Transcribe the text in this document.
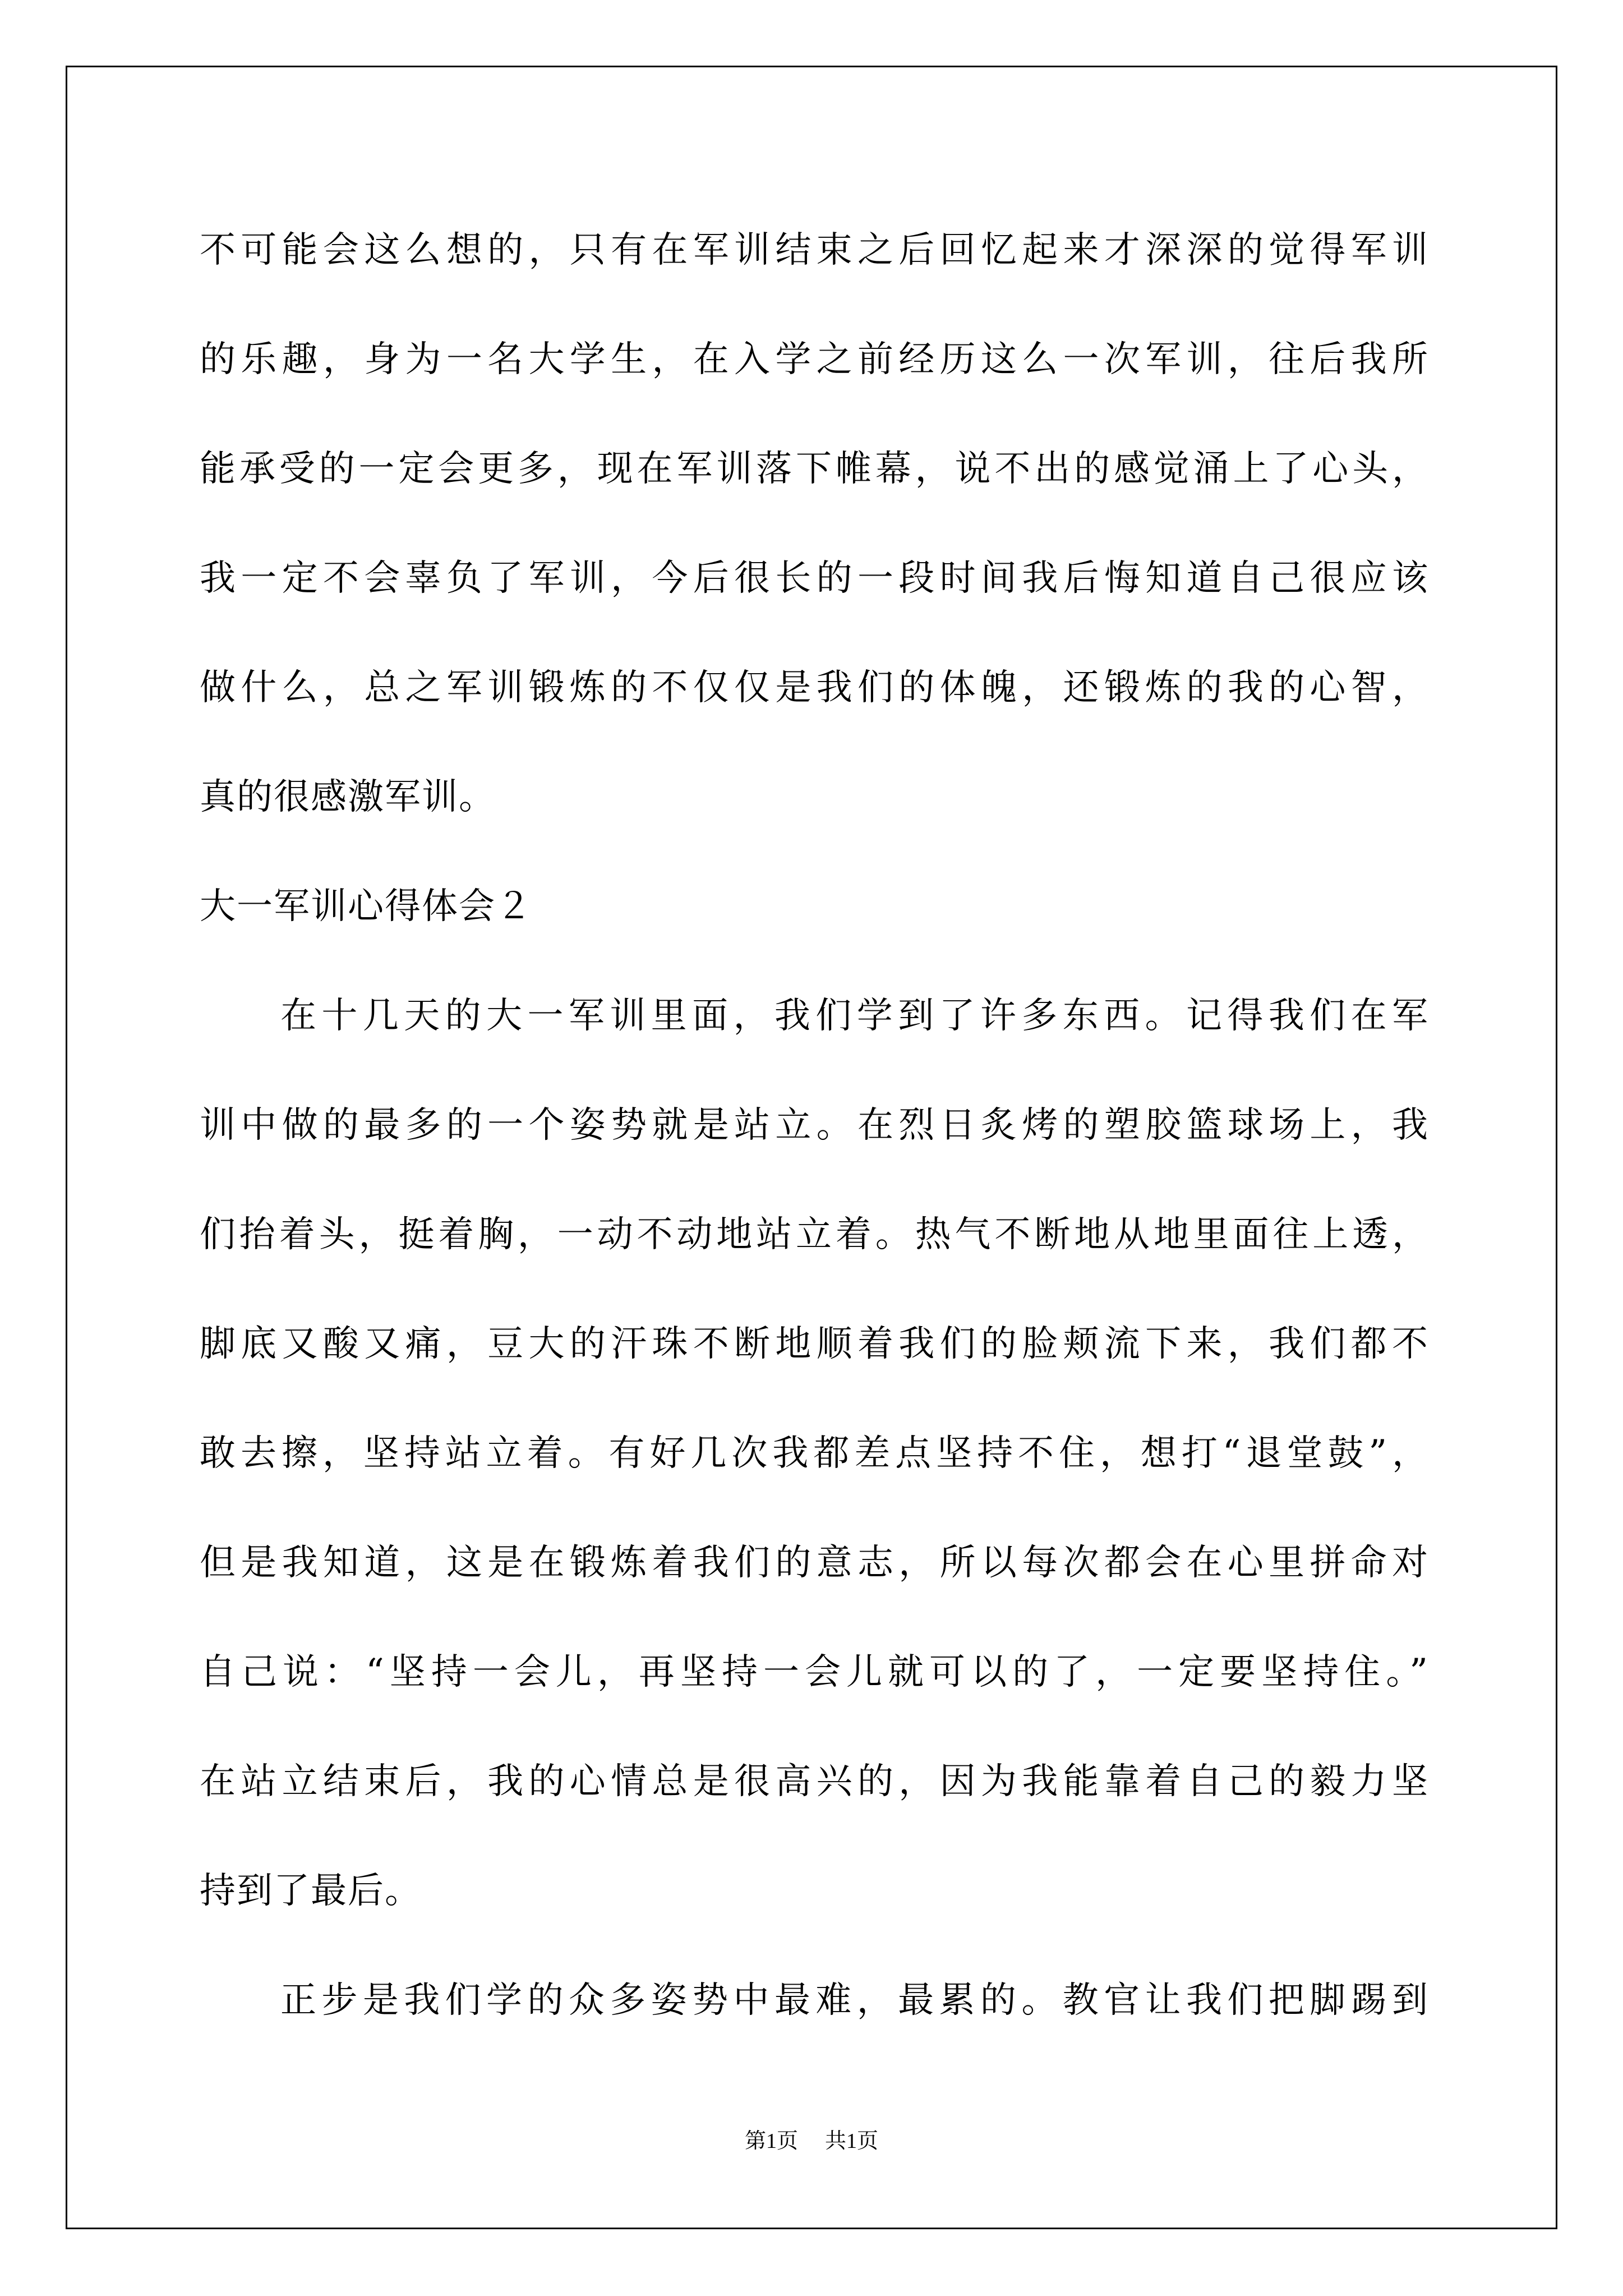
不可能会这么想的，只有在军训结束之后回忆起来才深深的觉得军训
的乐趣，身为一名大学生，在入学之前经历这么一次军训，往后我所
能承受的一定会更多，现在军训落下帷幕，说不出的感觉涌上了心头，
我一定不会辜负了军训，今后很长的一段时间我后悔知道自己很应该
做什么，总之军训锻炼的不仅仅是我们的体魄，还锻炼的我的心智，
真的很感激军训。
大一军训心得体会２
在十几天的大一军训里面，我们学到了许多东西。记得我们在军
训中做的最多的一个姿势就是站立。在烈日炙烤的塑胶篮球场上，我
们抬着头，挺着胸，一动不动地站立着。热气不断地从地里面往上透，
脚底又酸又痛，豆大的汗珠不断地顺着我们的脸颊流下来，我们都不
敢去擦，坚持站立着。有好几次我都差点坚持不住，想打“退堂鼓”，
但是我知道，这是在锻炼着我们的意志，所以每次都会在心里拼命对
自己说：“坚持一会儿，再坚持一会儿就可以的了，一定要坚持住。”
在站立结束后，我的心情总是很高兴的，因为我能靠着自己的毅力坚
持到了最后。
正步是我们学的众多姿势中最难，最累的。教官让我们把脚踢到
第1页 共1页
